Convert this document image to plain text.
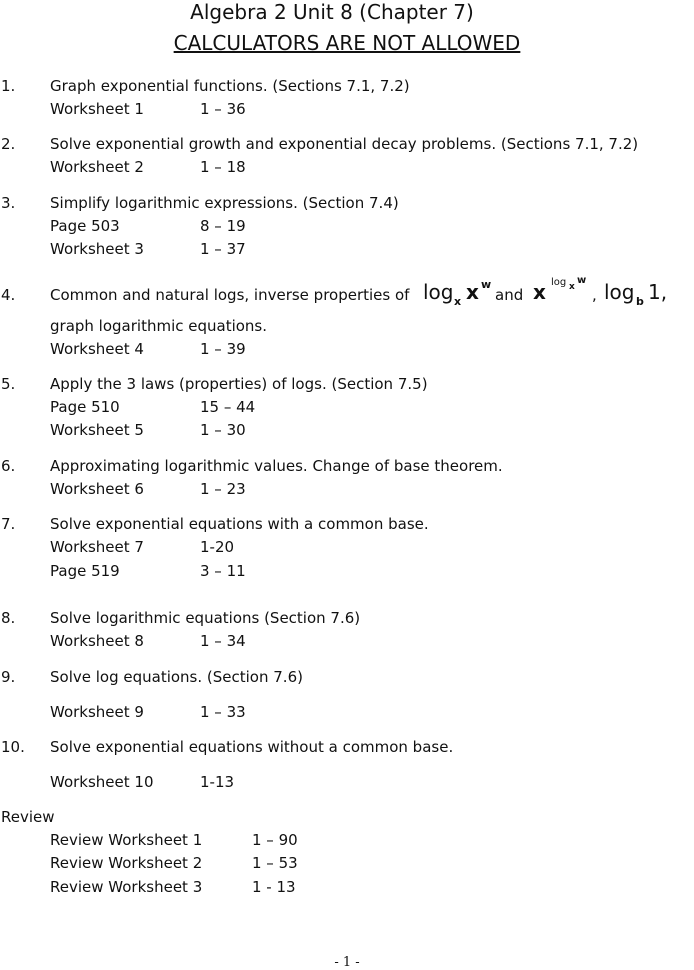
Algebra 2 Unit 8 (Chapter 7)
CALCULATORS ARE NOT ALLOWED
1. Graph exponential functions. (Sections 7.1, 7.2)
Worksheet 1	1 – 36
2. Solve exponential growth and exponential decay problems. (Sections 7.1, 7.2)
Worksheet 2	1 – 18
3. Simplify logarithmic expressions. (Section 7.4)
Page 503	8 – 19
Worksheet 3	1 – 37
4. Common and natural logs, inverse properties of log x x w
and x log x
w
, log b 1,
graph logarithmic equations.
Worksheet 4	1 – 39
5. Apply the 3 laws (properties) of logs. (Section 7.5)
Page 510	15 – 44
Worksheet 5	1 – 30
6. Approximating logarithmic values. Change of base theorem.
Worksheet 6	1 – 23
7. Solve exponential equations with a common base.
Worksheet 7	1-20
Page 519	3 – 11
8. Solve logarithmic equations (Section 7.6)
Worksheet 8	1 – 34
9. Solve log equations. (Section 7.6)
Worksheet 9	1 – 33
10. Solve exponential equations without a common base.
Worksheet 10	1-13
Review
Review Worksheet 1	1 – 90
Review Worksheet 2	1 – 53
Review Worksheet 3	1 - 13
- 1 -
